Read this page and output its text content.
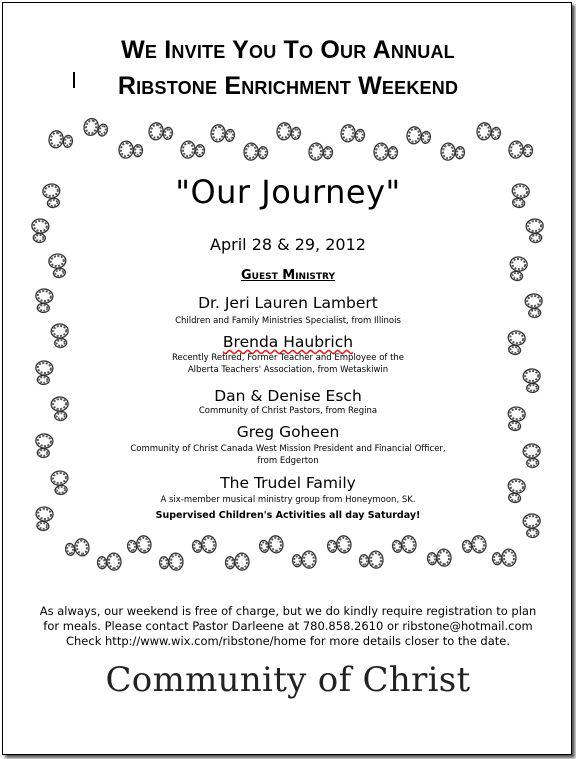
We Invite You To Our Annual
Ribstone Enrichment Weekend
"Our Journey"
April 28 & 29, 2012
Guest Ministry
Dr. Jeri Lauren Lambert
Children and Family Ministries Specialist, from Illinois
Brenda Haubrich
Recently Retired, Former Teacher and Employee of the
Alberta Teachers' Association, from Wetaskiwin
Dan & Denise Esch
Community of Christ Pastors, from Regina
Greg Goheen
Community of Christ Canada West Mission President and Financial Officer,
from Edgerton
The Trudel Family
A six-member musical ministry group from Honeymoon, SK.
Supervised Children's Activities all day Saturday!
As always, our weekend is free of charge, but we do kindly require registration to plan
for meals. Please contact Pastor Darleene at 780.858.2610 or ribstone@hotmail.com
Check http://www.wix.com/ribstone/home for more details closer to the date.
Community of Christ
